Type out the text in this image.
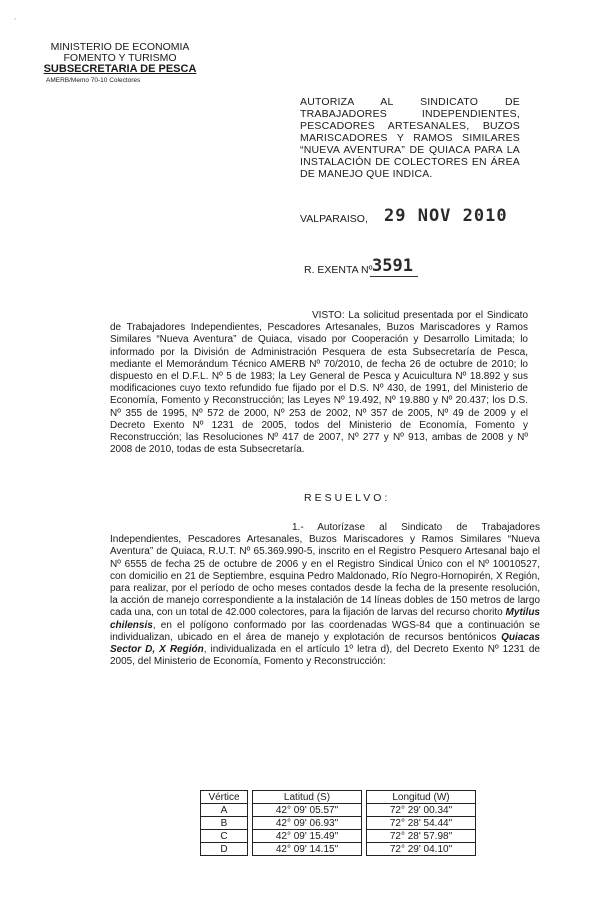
∙
MINISTERIO DE ECONOMIA
FOMENTO Y TURISMO
SUBSECRETARIA DE PESCA
AMERB/Memo 70-10 Colectores
AUTORIZA AL SINDICATO DE TRABAJADORES INDEPENDIENTES, PESCADORES ARTESANALES, BUZOS MARISCADORES Y RAMOS SIMILARES “NUEVA AVENTURA” DE QUIACA PARA LA INSTALACIÓN DE COLECTORES EN ÁREA DE MANEJO QUE INDICA.
VALPARAISO, 29 NOV 2010
R. EXENTA Nº 3591
VISTO: La solicitud presentada por el Sindicato de Trabajadores Independientes, Pescadores Artesanales, Buzos Mariscadores y Ramos Similares “Nueva Aventura” de Quiaca, visado por Cooperación y Desarrollo Limitada; lo informado por la División de Administración Pesquera de esta Subsecretaría de Pesca, mediante el Memorándum Técnico AMERB Nº 70/2010, de fecha 26 de octubre de 2010; lo dispuesto en el D.F.L. Nº 5 de 1983; la Ley General de Pesca y Acuicultura Nº 18.892 y sus modificaciones cuyo texto refundido fue fijado por el D.S. Nº 430, de 1991, del Ministerio de Economía, Fomento y Reconstrucción; las Leyes Nº 19.492, Nº 19.880 y Nº 20.437; los D.S. Nº 355 de 1995, Nº 572 de 2000, Nº 253 de 2002, Nº 357 de 2005, Nº 49 de 2009 y el Decreto Exento Nº 1231 de 2005, todos del Ministerio de Economía, Fomento y Reconstrucción; las Resoluciones Nº 417 de 2007, Nº 277 y Nº 913, ambas de 2008 y Nº 2008 de 2010, todas de esta Subsecretaría.
RESUELVO:
1.- Autorízase al Sindicato de Trabajadores Independientes, Pescadores Artesanales, Buzos Mariscadores y Ramos Similares “Nueva Aventura” de Quiaca, R.U.T. Nº 65.369.990-5, inscrito en el Registro Pesquero Artesanal bajo el Nº 6555 de fecha 25 de octubre de 2006 y en el Registro Sindical Único con el Nº 10010527, con domicilio en 21 de Septiembre, esquina Pedro Maldonado, Río Negro-Hornopirén, X Región, para realizar, por el período de ocho meses contados desde la fecha de la presente resolución, la acción de manejo correspondiente a la instalación de 14 líneas dobles de 150 metros de largo cada una, con un total de 42.000 colectores, para la fijación de larvas del recurso chorito Mytilus chilensis, en el polígono conformado por las coordenadas WGS-84 que a continuación se individualizan, ubicado en el área de manejo y explotación de recursos bentónicos Quiacas Sector D, X Región, individualizada en el artículo 1º letra d), del Decreto Exento Nº 1231 de 2005, del Ministerio de Economía, Fomento y Reconstrucción:
Vértice		Latitud (S)		Longitud (W)
A		42° 09' 05.57"		72° 29' 00.34"
B		42° 09' 06.93"		72° 28' 54.44"
C		42° 09' 15.49"		72° 28' 57.98"
D		42° 09' 14.15"		72° 29' 04.10"
